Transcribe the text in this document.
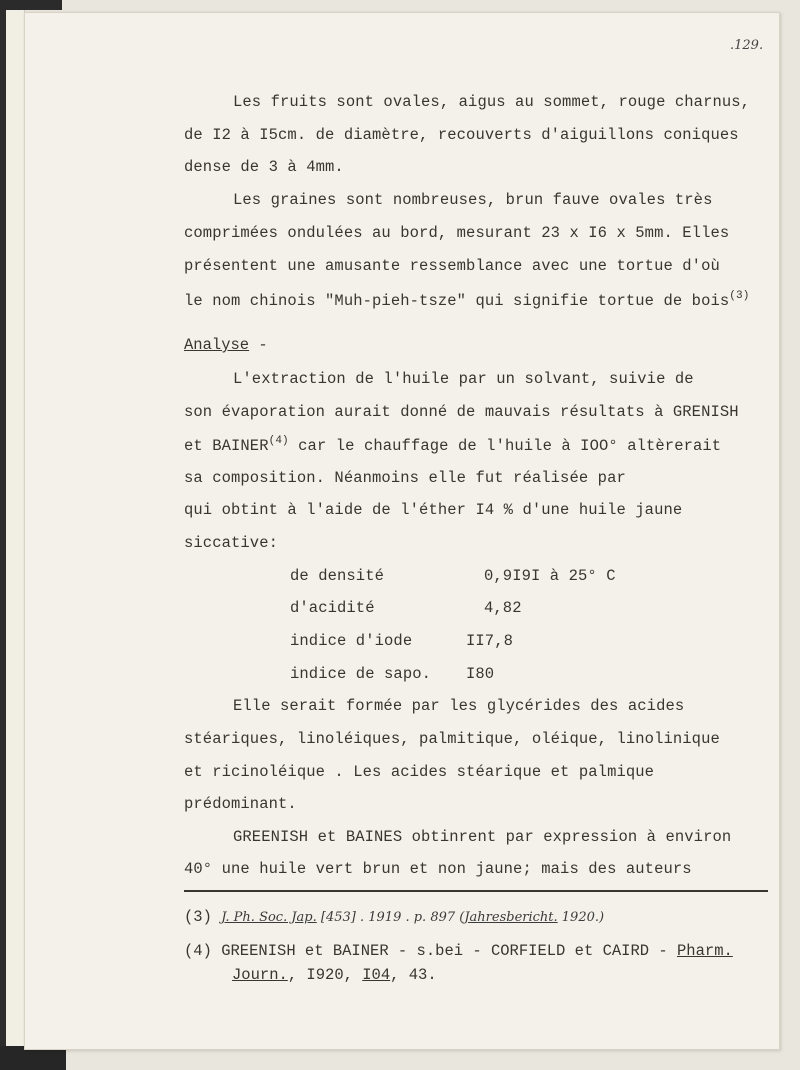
.129.
Les fruits sont ovales, aigus au sommet, rouge charnus,
de I2 à I5cm. de diamètre, recouverts d'aiguillons coniques
dense de 3 à 4mm.
Les graines sont nombreuses, brun fauve ovales très
comprimées ondulées au bord, mesurant 23 x I6 x 5mm. Elles
présentent une amusante ressemblance avec une tortue d'où
le nom chinois "Muh-pieh-tsze" qui signifie tortue de bois$^{(3)}$
Analyse -
L'extraction de l'huile par un solvant, suivie de
son évaporation aurait donné de mauvais résultats à GRENISH
et BAINER$^{(4)}$ car le chauffage de l'huile à IOO° altèrerait
sa composition. Néanmoins elle fut réalisée par
qui obtint à l'aide de l'éther I4 % d'une huile jaune
siccative:
de densité	0,9I9I à 25° C
d'acidité	4,82
indice d'iode	II7,8
indice de sapo. I80
Elle serait formée par les glycérides des acides
stéariques, linoléiques, palmitique, oléique, linolinique
et ricinoléique . Les acides stéarique et palmique
prédominant.
GREENISH et BAINES obtinrent par expression à environ
40° une huile vert brun et non jaune; mais des auteurs
(3) J. Ph. Soc. Jap. [453] . 1919 . p. 897 (Jahresbericht. 1920.)
(4) GREENISH et BAINER - s.bei - CORFIELD et CAIRD - Pharm.
Journ., I920, I04, 43.
